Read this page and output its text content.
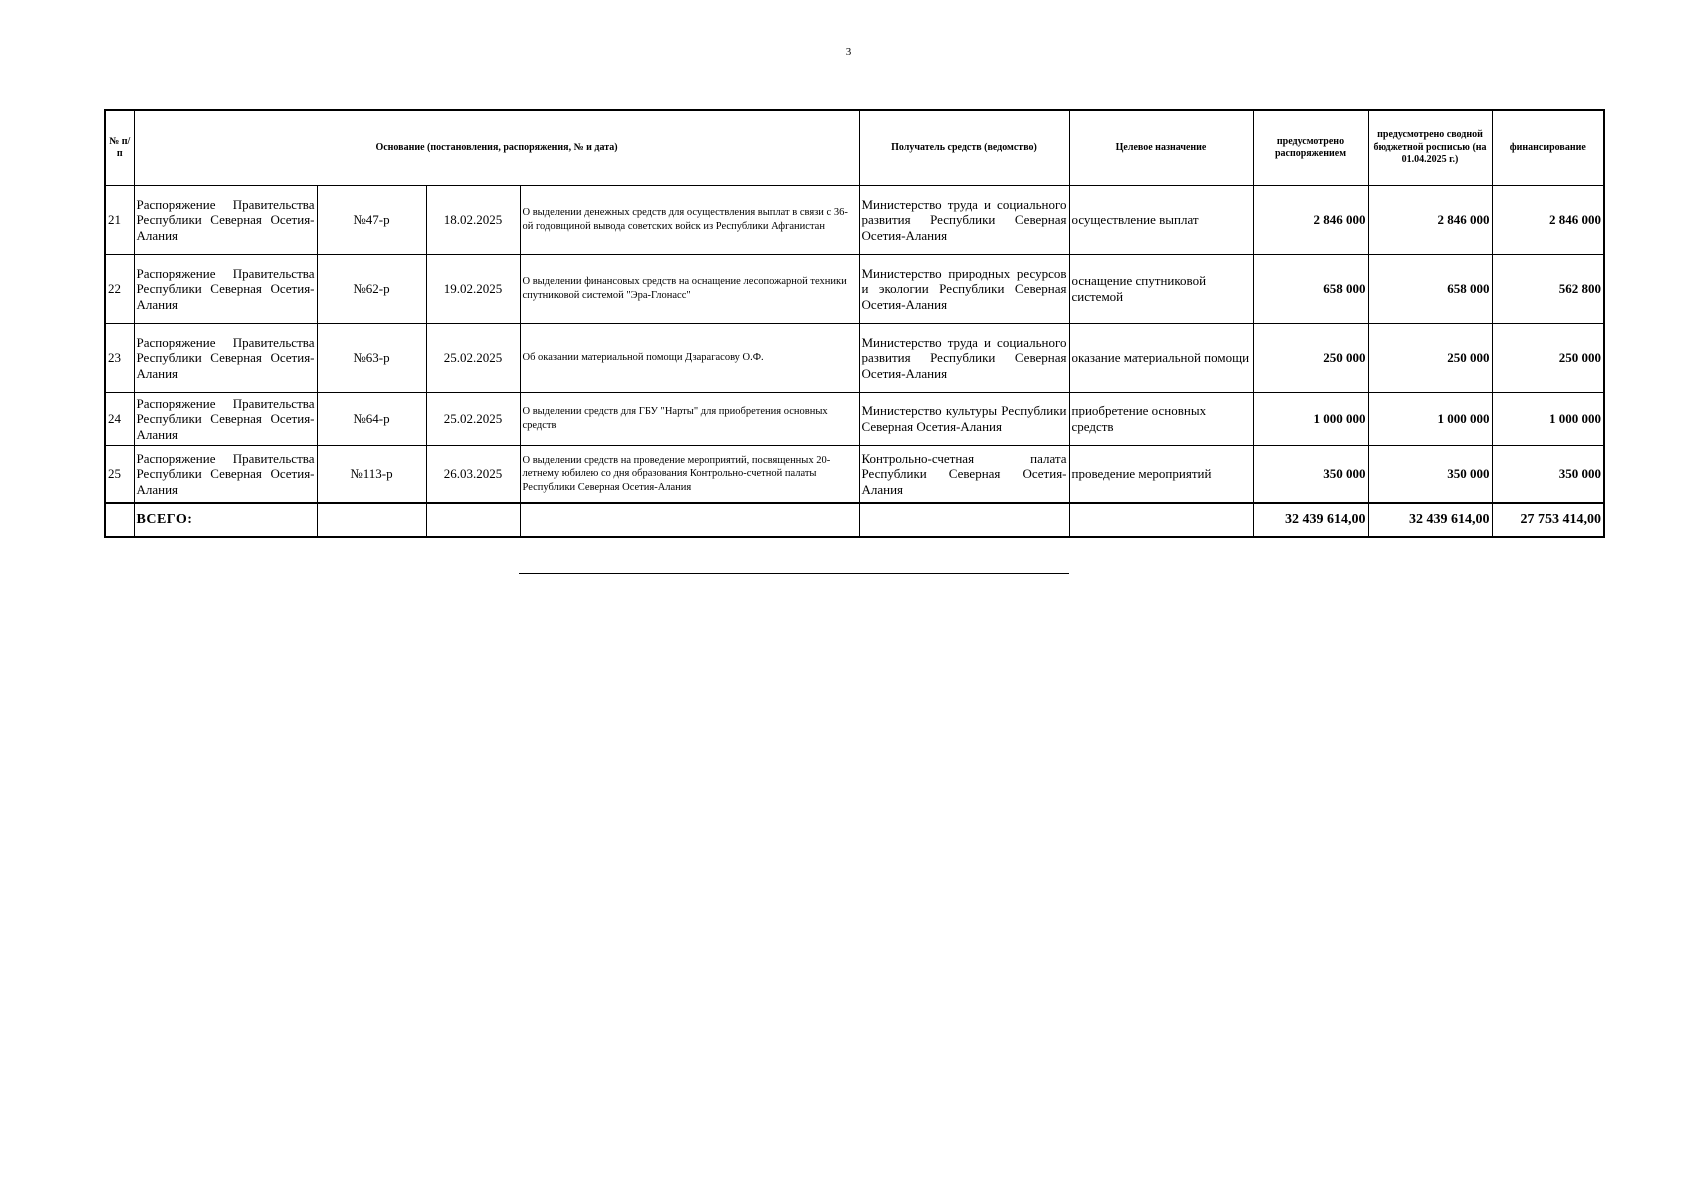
3
№ п/п	Основание (постановления, распоряжения, № и дата)				Получатель средств (ведомство)	Целевое назначение	предусмотрено распоряжением	предусмотрено сводной бюджетной росписью (на 01.04.2025 г.)	финансирование
21	Распоряжение Правительства Республики Северная Осетия-Алания	№47-р	18.02.2025	О выделении денежных средств для осуществления выплат в связи с 36-ой годовщиной вывода советских войск из Республики Афганистан	Министерство труда и социального развития Республики Северная Осетия-Алания	осуществление выплат	2 846 000	2 846 000	2 846 000
22	Распоряжение Правительства Республики Северная Осетия-Алания	№62-р	19.02.2025	О выделении финансовых средств на оснащение лесопожарной техники спутниковой системой "Эра-Глонасс"	Министерство природных ресурсов и экологии Республики Северная Осетия-Алания	оснащение спутниковой системой	658 000	658 000	562 800
23	Распоряжение Правительства Республики Северная Осетия-Алания	№63-р	25.02.2025	Об оказании материальной помощи Дзарагасову О.Ф.	Министерство труда и социального развития Республики Северная Осетия-Алания	оказание материальной помощи	250 000	250 000	250 000
24	Распоряжение Правительства Республики Северная Осетия-Алания	№64-р	25.02.2025	О выделении средств для ГБУ "Нарты" для приобретения основных средств	Министерство культуры Республики Северная Осетия-Алания	приобретение основных средств	1 000 000	1 000 000	1 000 000
25	Распоряжение Правительства Республики Северная Осетия-Алания	№113-р	26.03.2025	О выделении средств на проведение мероприятий, посвященных 20-летнему юбилею со дня образования Контрольно-счетной палаты Республики Северная Осетия-Алания	Контрольно-счетная палата Республики Северная Осетия-Алания	проведение мероприятий	350 000	350 000	350 000
	ВСЕГО:						32 439 614,00	32 439 614,00	27 753 414,00
